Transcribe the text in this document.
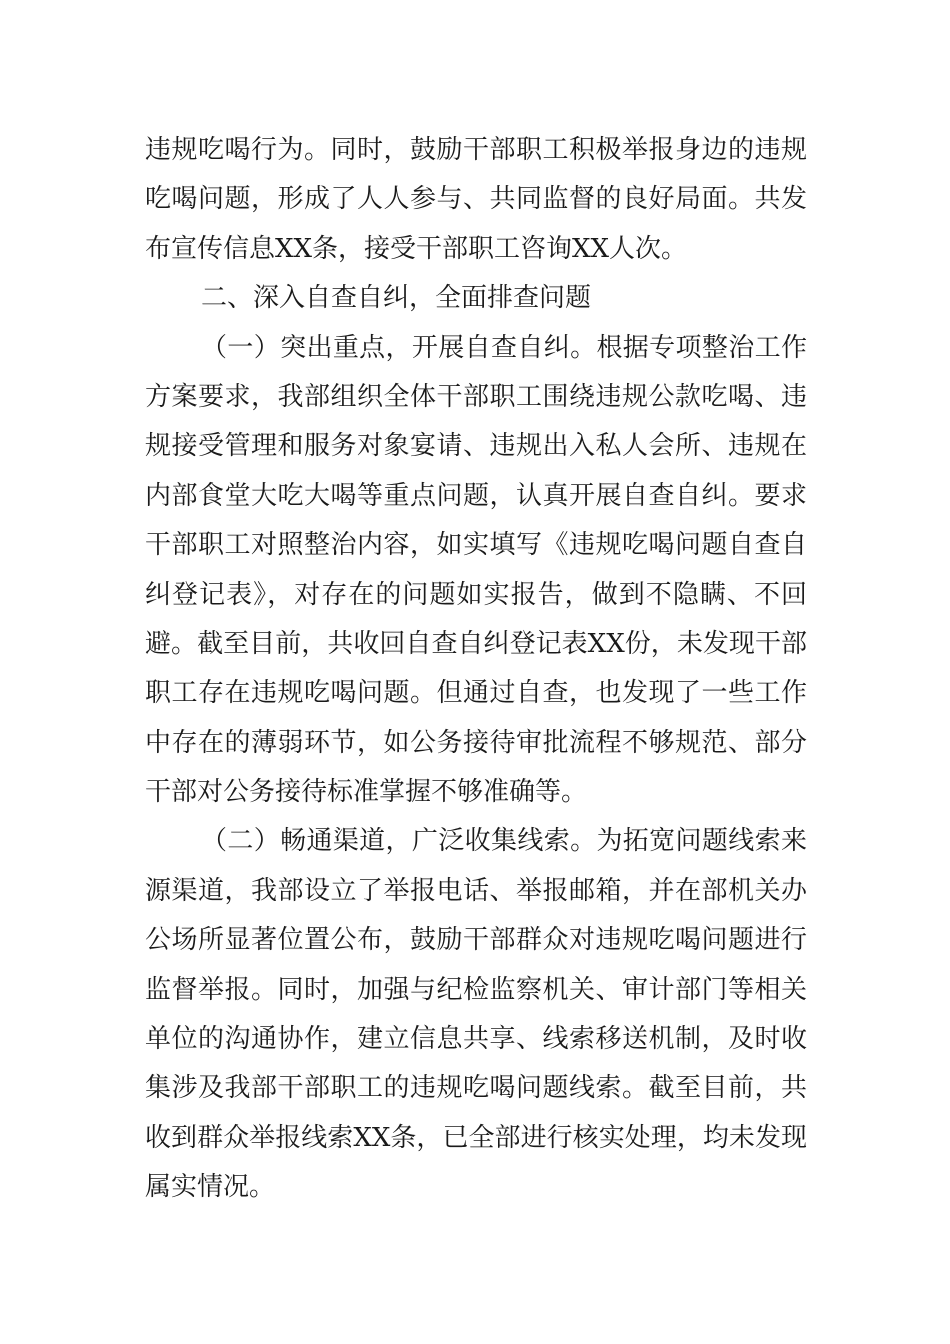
违规吃喝行为。同时，鼓励干部职工积极举报身边的违规
吃喝问题，形成了人人参与、共同监督的良好局面。共发
布宣传信息XX条，接受干部职工咨询XX人次。
二、深入自查自纠，全面排查问题
（一）突出重点，开展自查自纠。根据专项整治工作
方案要求，我部组织全体干部职工围绕违规公款吃喝、违
规接受管理和服务对象宴请、违规出入私人会所、违规在
内部食堂大吃大喝等重点问题，认真开展自查自纠。要求
干部职工对照整治内容，如实填写《违规吃喝问题自查自
纠登记表》，对存在的问题如实报告，做到不隐瞒、不回
避。截至目前，共收回自查自纠登记表XX份，未发现干部
职工存在违规吃喝问题。但通过自查，也发现了一些工作
中存在的薄弱环节，如公务接待审批流程不够规范、部分
干部对公务接待标准掌握不够准确等。
（二）畅通渠道，广泛收集线索。为拓宽问题线索来
源渠道，我部设立了举报电话、举报邮箱，并在部机关办
公场所显著位置公布，鼓励干部群众对违规吃喝问题进行
监督举报。同时，加强与纪检监察机关、审计部门等相关
单位的沟通协作，建立信息共享、线索移送机制，及时收
集涉及我部干部职工的违规吃喝问题线索。截至目前，共
收到群众举报线索XX条，已全部进行核实处理，均未发现
属实情况。
